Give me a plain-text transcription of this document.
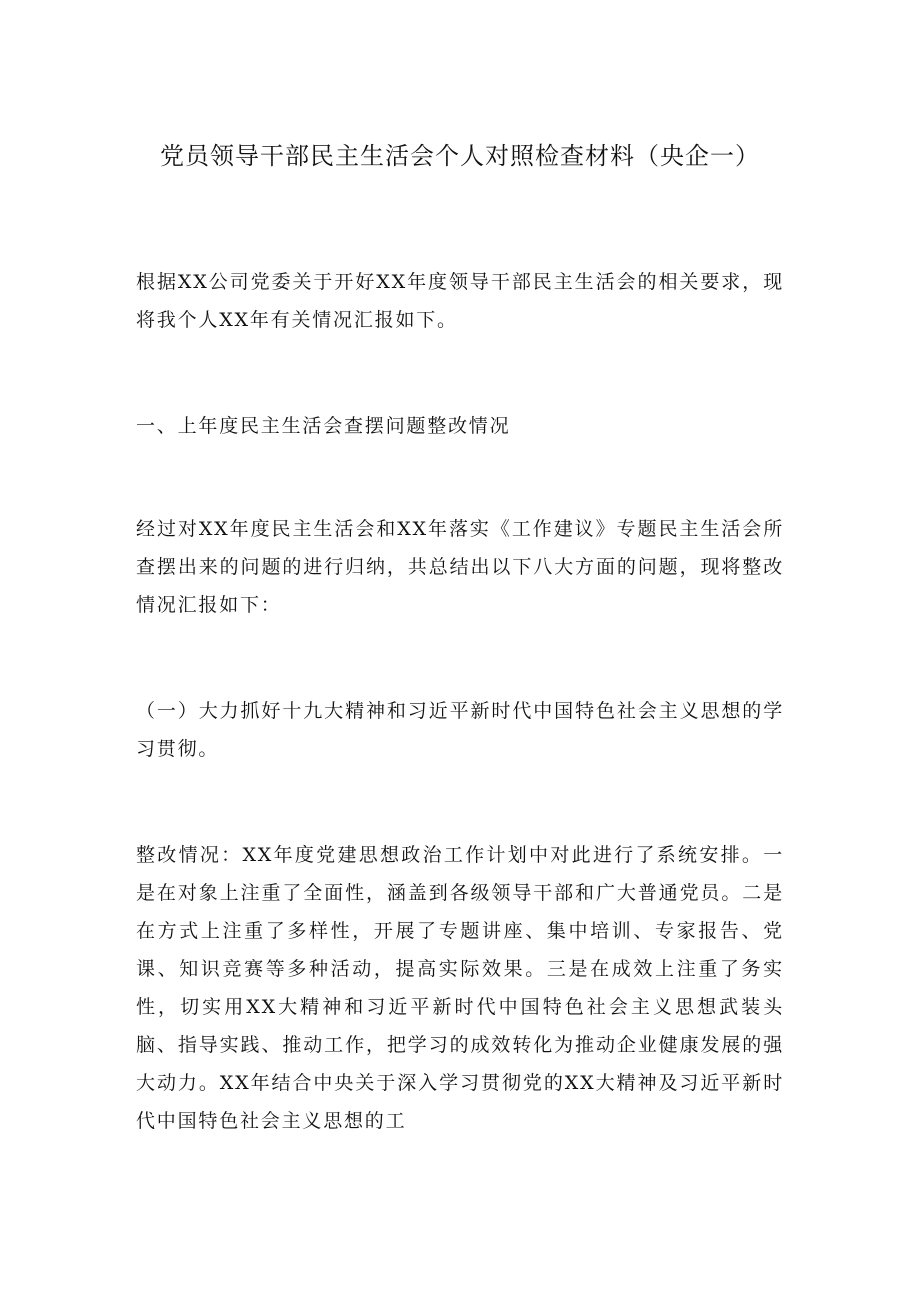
党员领导干部民主生活会个人对照检查材料（央企一）

根据XX公司党委关于开好XX年度领导干部民主生活会的相关要求，现将我个人XX年有关情况汇报如下。

一、上年度民主生活会查摆问题整改情况

经过对XX年度民主生活会和XX年落实《工作建议》专题民主生活会所查摆出来的问题的进行归纳，共总结出以下八大方面的问题，现将整改情况汇报如下：

（一）大力抓好十九大精神和习近平新时代中国特色社会主义思想的学习贯彻。

整改情况：XX年度党建思想政治工作计划中对此进行了系统安排。一是在对象上注重了全面性，涵盖到各级领导干部和广大普通党员。二是在方式上注重了多样性，开展了专题讲座、集中培训、专家报告、党课、知识竞赛等多种活动，提高实际效果。三是在成效上注重了务实性，切实用XX大精神和习近平新时代中国特色社会主义思想武装头脑、指导实践、推动工作，把学习的成效转化为推动企业健康发展的强大动力。XX年结合中央关于深入学习贯彻党的XX大精神及习近平新时代中国特色社会主义思想的工
